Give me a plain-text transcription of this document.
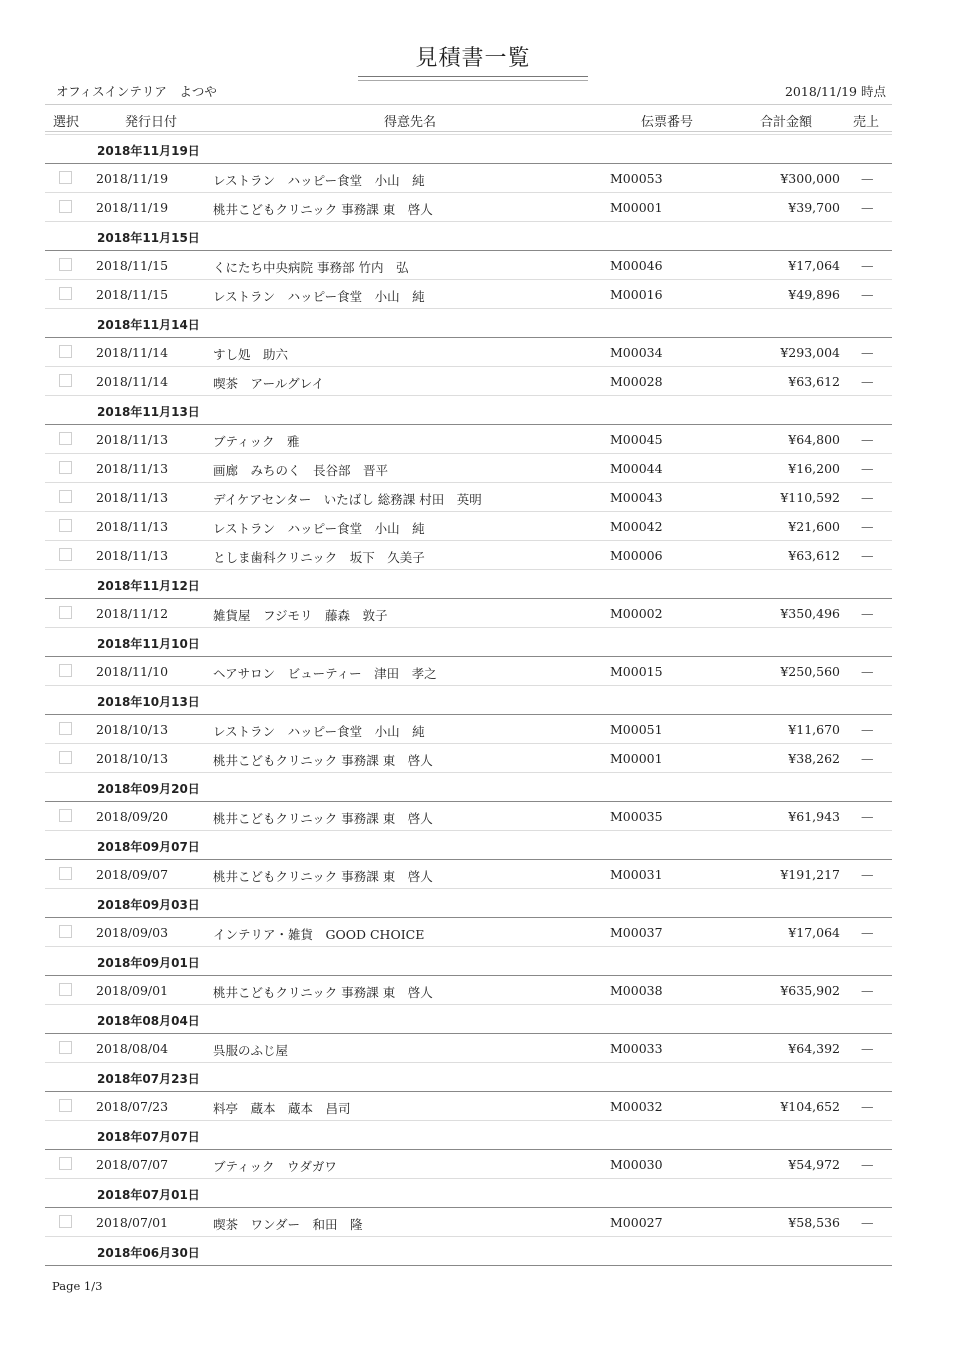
見積書一覧
オフィスインテリア　よつや	2018/11/19 時点
選択	発行日付	得意先名	伝票番号	合計金額	売上
2018年11月19日
2018/11/19	レストラン　ハッピー食堂　小山　純	M00053	¥300,000 —
2018/11/19	桃井こどもクリニック 事務課 東　啓人	M00001	¥39,700 —
2018年11月15日
2018/11/15	くにたち中央病院 事務部 竹内　弘	M00046	¥17,064 —
2018/11/15	レストラン　ハッピー食堂　小山　純	M00016	¥49,896 —
2018年11月14日
2018/11/14	すし処　助六	M00034	¥293,004 —
2018/11/14	喫茶　アールグレイ	M00028	¥63,612 —
2018年11月13日
2018/11/13	ブティック　雅	M00045	¥64,800 —
2018/11/13	画廊　みちのく　長谷部　晋平	M00044	¥16,200 —
2018/11/13	デイケアセンター　いたばし 総務課 村田　英明	M00043	¥110,592 —
2018/11/13	レストラン　ハッピー食堂　小山　純	M00042	¥21,600 —
2018/11/13	としま歯科クリニック　坂下　久美子	M00006	¥63,612 —
2018年11月12日
2018/11/12	雑貨屋　フジモリ　藤森　敦子	M00002	¥350,496 —
2018年11月10日
2018/11/10	ヘアサロン　ビューティー　津田　孝之	M00015	¥250,560 —
2018年10月13日
2018/10/13	レストラン　ハッピー食堂　小山　純	M00051	¥11,670 —
2018/10/13	桃井こどもクリニック 事務課 東　啓人	M00001	¥38,262 —
2018年09月20日
2018/09/20	桃井こどもクリニック 事務課 東　啓人	M00035	¥61,943 —
2018年09月07日
2018/09/07	桃井こどもクリニック 事務課 東　啓人	M00031	¥191,217 —
2018年09月03日
2018/09/03	インテリア・雑貨　GOOD CHOICE	M00037	¥17,064 —
2018年09月01日
2018/09/01	桃井こどもクリニック 事務課 東　啓人	M00038	¥635,902 —
2018年08月04日
2018/08/04	呉服のふじ屋	M00033	¥64,392 —
2018年07月23日
2018/07/23	料亭　蔵本　蔵本　昌司	M00032	¥104,652 —
2018年07月07日
2018/07/07	ブティック　ウダガワ	M00030	¥54,972 —
2018年07月01日
2018/07/01	喫茶　ワンダー　和田　隆	M00027	¥58,536 —
2018年06月30日
Page 1/3
